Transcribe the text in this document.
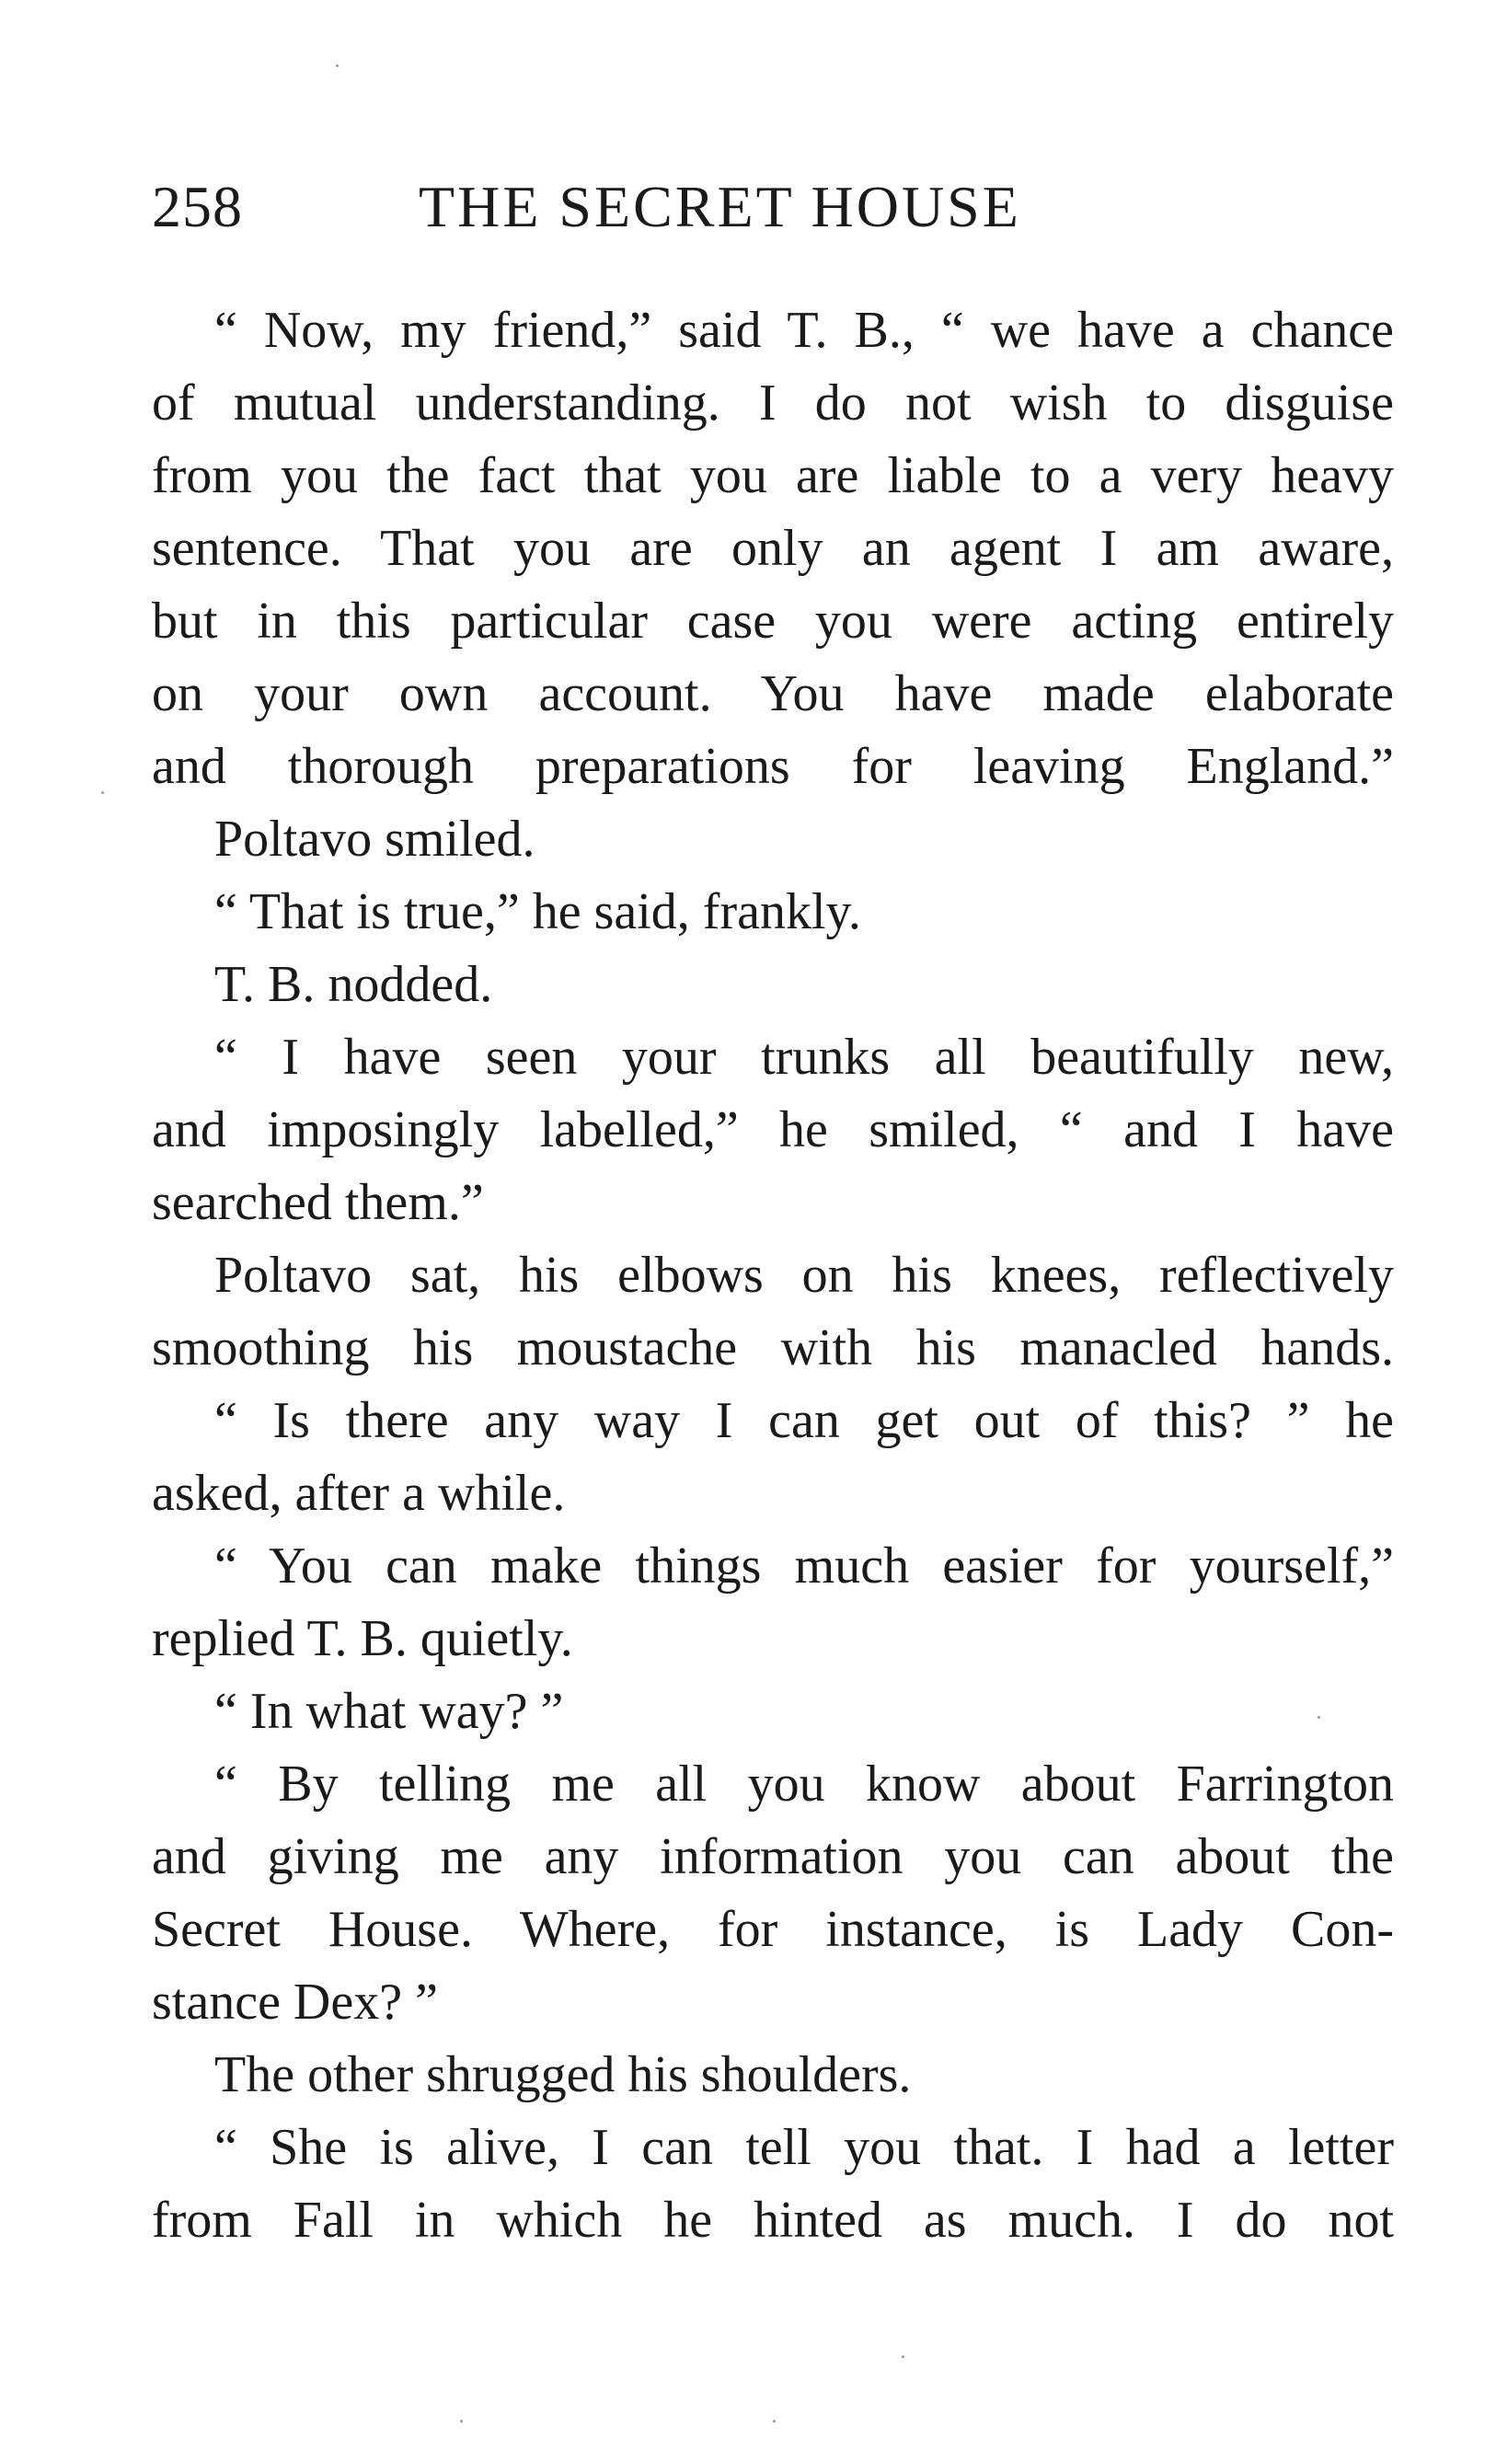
258	THE SECRET HOUSE
“ Now, my friend,” said T. B., “ we have a chance
of mutual understanding. I do not wish to disguise
from you the fact that you are liable to a very heavy
sentence. That you are only an agent I am aware,
but in this particular case you were acting entirely
on your own account. You have made elaborate
and thorough preparations for leaving England.”
Poltavo smiled.
“ That is true,” he said, frankly.
T. B. nodded.
“ I have seen your trunks all beautifully new,
and imposingly labelled,” he smiled, “ and I have
searched them.”
Poltavo sat, his elbows on his knees, reflectively
smoothing his moustache with his manacled hands.
“ Is there any way I can get out of this? ” he
asked, after a while.
“ You can make things much easier for yourself,”
replied T. B. quietly.
“ In what way? ”
“ By telling me all you know about Farrington
and giving me any information you can about the
Secret House. Where, for instance, is Lady Con-
stance Dex? ”
The other shrugged his shoulders.
“ She is alive, I can tell you that. I had a letter
from Fall in which he hinted as much. I do not
